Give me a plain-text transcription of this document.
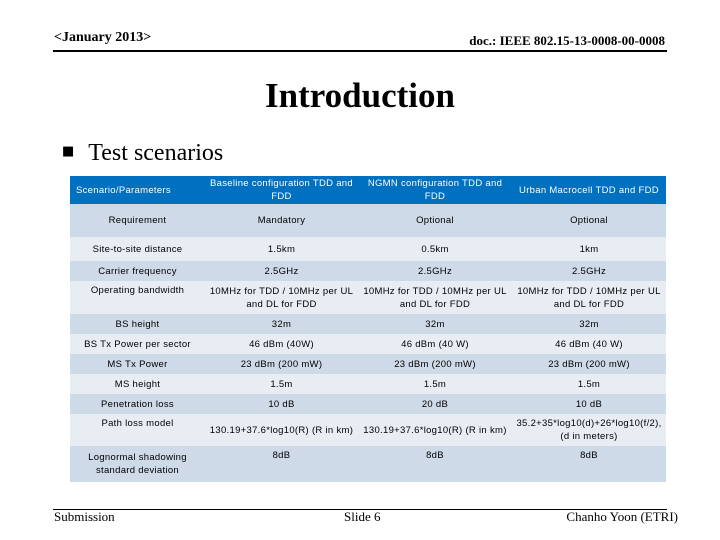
<January 2013>	doc.: IEEE 802.15-13-0008-00-0008
Introduction
■ Test scenarios
Scenario/Parameters	Baseline configuration TDD and FDD	NGMN configuration TDD and FDD	Urban Macrocell TDD and FDD
Requirement	Mandatory	Optional	Optional
Site-to-site distance	1.5km	0.5km	1km
Carrier frequency	2.5GHz	2.5GHz	2.5GHz
Operating bandwidth	10MHz for TDD / 10MHz per UL and DL for FDD	10MHz for TDD / 10MHz per UL and DL for FDD	10MHz for TDD / 10MHz per UL and DL for FDD
BS height	32m	32m	32m
BS Tx Power per sector	46 dBm (40W)	46 dBm (40 W)	46 dBm (40 W)
MS Tx Power	23 dBm (200 mW)	23 dBm (200 mW)	23 dBm (200 mW)
MS height	1.5m	1.5m	1.5m
Penetration loss	10 dB	20 dB	10 dB
Path loss model	130.19+37.6*log10(R) (R in km)	130.19+37.6*log10(R) (R in km)	35.2+35*log10(d)+26*log10(f/2), (d in meters)
Lognormal shadowing standard deviation	8dB	8dB	8dB
Submission	Slide 6	Chanho Yoon (ETRI)
